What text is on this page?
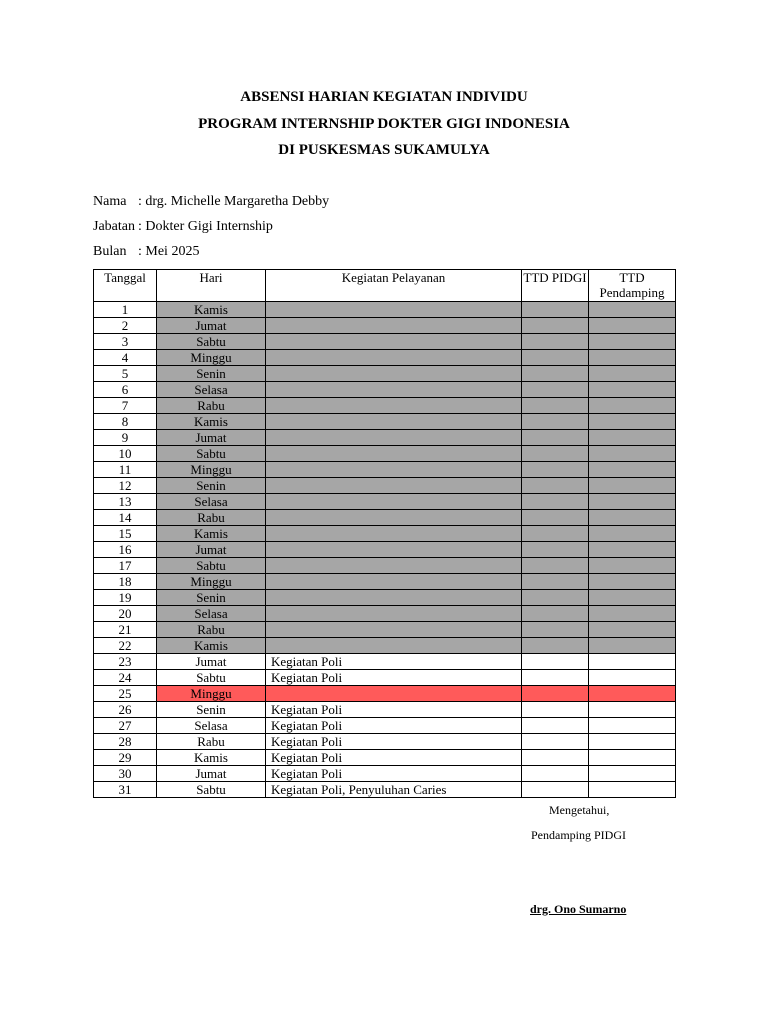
ABSENSI HARIAN KEGIATAN INDIVIDU
PROGRAM INTERNSHIP DOKTER GIGI INDONESIA
DI PUSKESMAS SUKAMULYA
Nama : drg. Michelle Margaretha Debby
Jabatan : Dokter Gigi Internship
Bulan : Mei 2025
Tanggal	Hari	Kegiatan Pelayanan	TTD PIDGI	TTD Pendamping
1	Kamis			
2	Jumat			
3	Sabtu			
4	Minggu			
5	Senin			
6	Selasa			
7	Rabu			
8	Kamis			
9	Jumat			
10	Sabtu			
11	Minggu			
12	Senin			
13	Selasa			
14	Rabu			
15	Kamis			
16	Jumat			
17	Sabtu			
18	Minggu			
19	Senin			
20	Selasa			
21	Rabu			
22	Kamis			
23	Jumat	Kegiatan Poli		
24	Sabtu	Kegiatan Poli		
25	Minggu			
26	Senin	Kegiatan Poli		
27	Selasa	Kegiatan Poli		
28	Rabu	Kegiatan Poli		
29	Kamis	Kegiatan Poli		
30	Jumat	Kegiatan Poli		
31	Sabtu	Kegiatan Poli, Penyuluhan Caries		
Mengetahui,
Pendamping PIDGI
drg. Ono Sumarno
